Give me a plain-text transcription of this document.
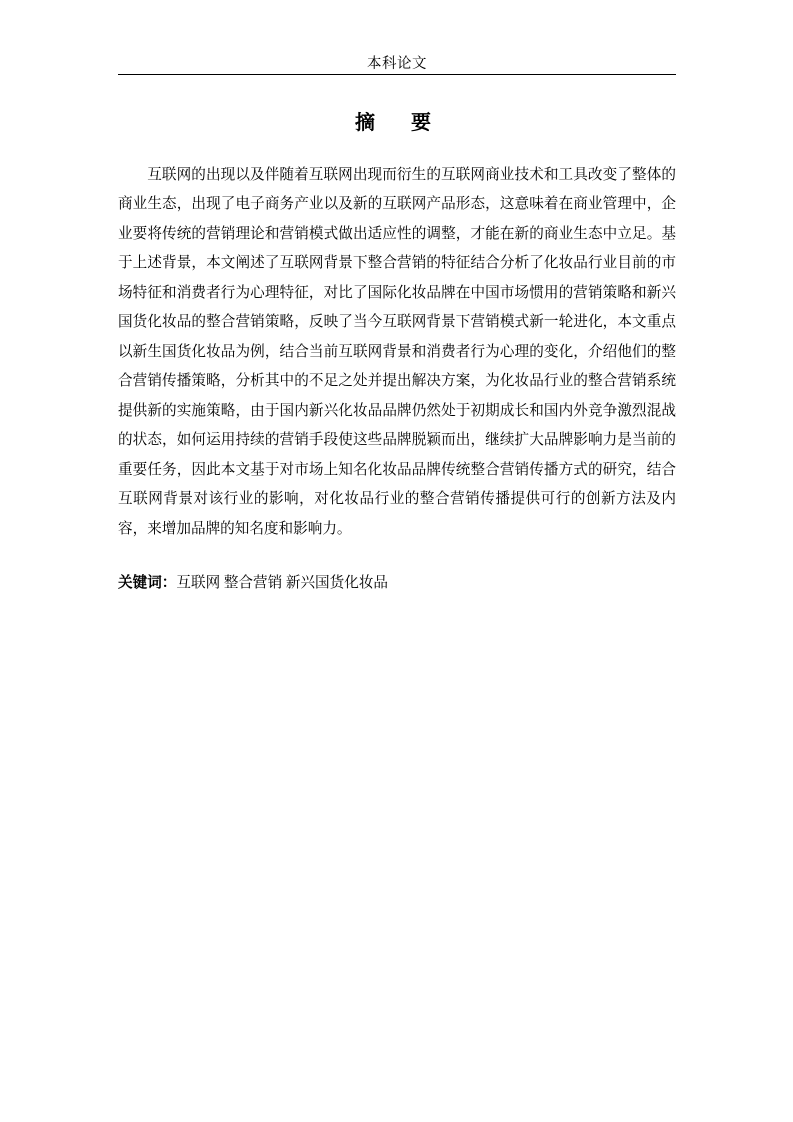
本科论文
摘　要
互联网的出现以及伴随着互联网出现而衍生的互联网商业技术和工具改变了整体的商业生态，出现了电子商务产业以及新的互联网产品形态，这意味着在商业管理中，企业要将传统的营销理论和营销模式做出适应性的调整，才能在新的商业生态中立足。基于上述背景，本文阐述了互联网背景下整合营销的特征结合分析了化妆品行业目前的市场特征和消费者行为心理特征，对比了国际化妆品牌在中国市场惯用的营销策略和新兴国货化妆品的整合营销策略，反映了当今互联网背景下营销模式新一轮进化，本文重点以新生国货化妆品为例，结合当前互联网背景和消费者行为心理的变化，介绍他们的整合营销传播策略，分析其中的不足之处并提出解决方案，为化妆品行业的整合营销系统提供新的实施策略，由于国内新兴化妆品品牌仍然处于初期成长和国内外竞争激烈混战的状态，如何运用持续的营销手段使这些品牌脱颖而出，继续扩大品牌影响力是当前的重要任务，因此本文基于对市场上知名化妆品品牌传统整合营销传播方式的研究，结合互联网背景对该行业的影响，对化妆品行业的整合营销传播提供可行的创新方法及内容，来增加品牌的知名度和影响力。
关键词：互联网 整合营销 新兴国货化妆品
